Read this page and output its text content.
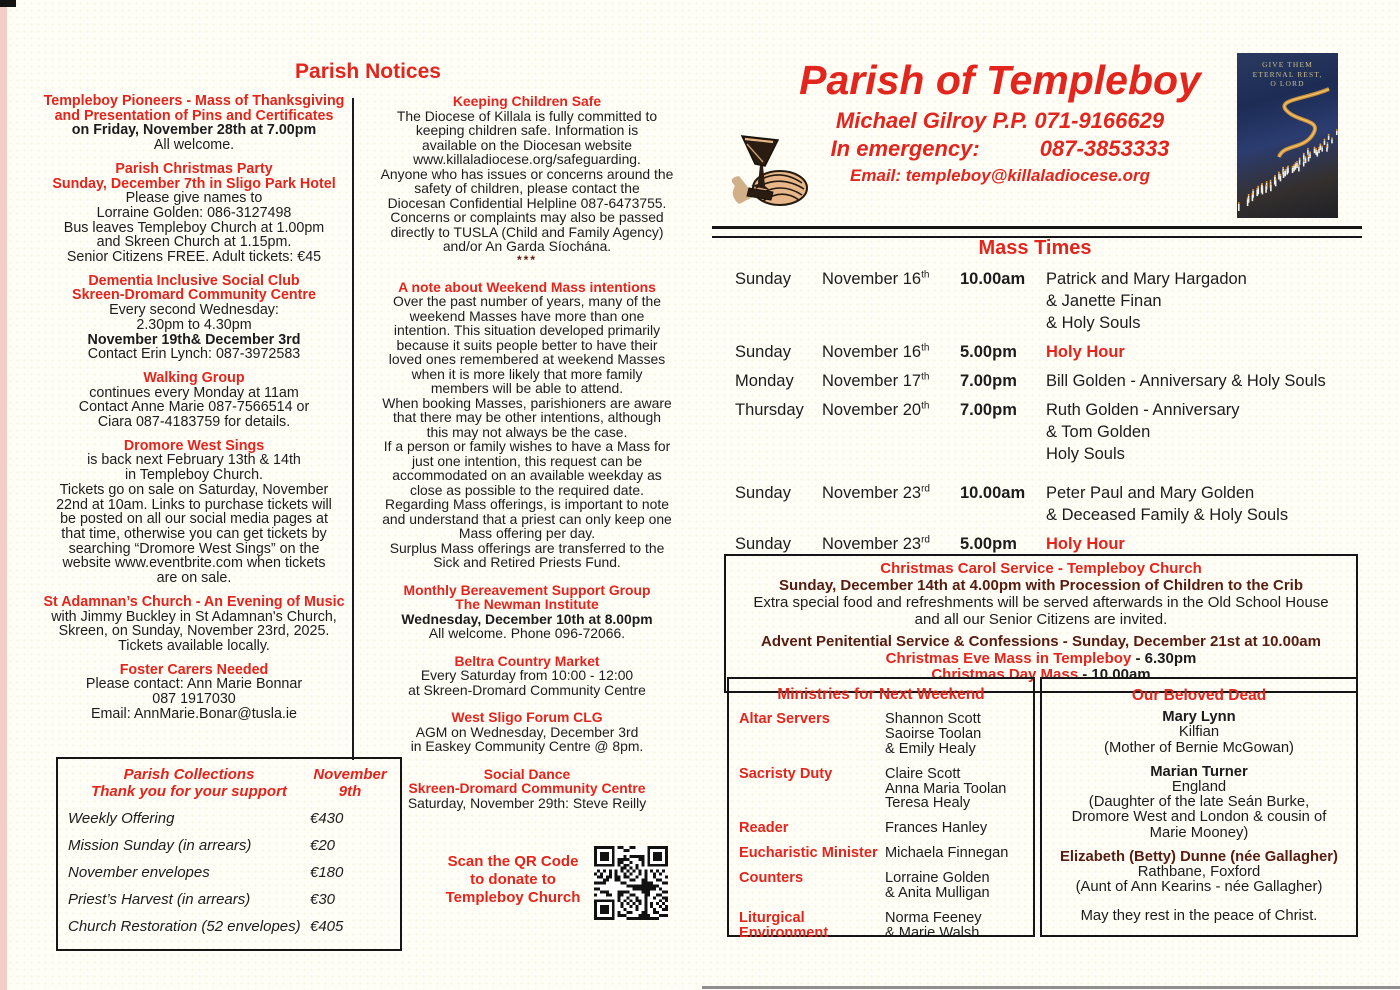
Parish Notices
Templeboy Pioneers - Mass of Thanksgiving
and Presentation of Pins and Certificates
on Friday, November 28th at 7.00pm
All welcome.
Parish Christmas Party
Sunday, December 7th in Sligo Park Hotel
Please give names to
Lorraine Golden: 086-3127498
Bus leaves Templeboy Church at 1.00pm
and Skreen Church at 1.15pm.
Senior Citizens FREE. Adult tickets: €45
Dementia Inclusive Social Club
Skreen-Dromard Community Centre
Every second Wednesday:
2.30pm to 4.30pm
November 19th& December 3rd
Contact Erin Lynch: 087-3972583
Walking Group
continues every Monday at 11am
Contact Anne Marie 087-7566514 or
Ciara 087-4183759 for details.
Dromore West Sings
is back next February 13th & 14th
in Templeboy Church.
Tickets go on sale on Saturday, November
22nd at 10am. Links to purchase tickets will
be posted on all our social media pages at
that time, otherwise you can get tickets by
searching “Dromore West Sings” on the
website www.eventbrite.com when tickets
are on sale.
St Adamnan’s Church - An Evening of Music
with Jimmy Buckley in St Adamnan's Church,
Skreen, on Sunday, November 23rd, 2025.
Tickets available locally.
Foster Carers Needed
Please contact: Ann Marie Bonnar
087 1917030
Email: AnnMarie.Bonar@tusla.ie
Keeping Children Safe
The Diocese of Killala is fully committed to
keeping children safe. Information is
available on the Diocesan website
www.killaladiocese.org/safeguarding.
Anyone who has issues or concerns around the
safety of children, please contact the
Diocesan Confidential Helpline 087-6473755.
Concerns or complaints may also be passed
directly to TUSLA (Child and Family Agency)
and/or An Garda Síochána.
***
A note about Weekend Mass intentions
Over the past number of years, many of the
weekend Masses have more than one
intention. This situation developed primarily
because it suits people better to have their
loved ones remembered at weekend Masses
when it is more likely that more family
members will be able to attend.
When booking Masses, parishioners are aware
that there may be other intentions, although
this may not always be the case.
If a person or family wishes to have a Mass for
just one intention, this request can be
accommodated on an available weekday as
close as possible to the required date.
Regarding Mass offerings, is important to note
and understand that a priest can only keep one
Mass offering per day.
Surplus Mass offerings are transferred to the
Sick and Retired Priests Fund.
Monthly Bereavement Support Group
The Newman Institute
Wednesday, December 10th at 8.00pm
All welcome. Phone 096-72066.
Beltra Country Market
Every Saturday from 10:00 - 12:00
at Skreen-Dromard Community Centre
West Sligo Forum CLG
AGM on Wednesday, December 3rd
in Easkey Community Centre @ 8pm.
Social Dance
Skreen-Dromard Community Centre
Saturday, November 29th: Steve Reilly
Parish Collections
Thank you for your support
November
9th
Weekly Offering	€430
Mission Sunday (in arrears)	€20
November envelopes	€180
Priest’s Harvest (in arrears)	€30
Church Restoration (52 envelopes) €405
Scan the QR Code
to donate to
Templeboy Church
Parish of Templeboy
Michael Gilroy P.P. 071-9166629
In emergency:	087-3853333
Email: templeboy@killaladiocese.org
GIVE THEM
ETERNAL REST,
O LORD
Mass Times
Sunday	November 16th	10.00am	Patrick and Mary Hargadon
& Janette Finan
& Holy Souls
Sunday	November 16th	5.00pm	Holy Hour
Monday	November 17th	7.00pm	Bill Golden - Anniversary & Holy Souls
Thursday	November 20th	7.00pm	Ruth Golden - Anniversary
& Tom Golden
Holy Souls
Sunday	November 23rd	10.00am	Peter Paul and Mary Golden
& Deceased Family & Holy Souls
Sunday	November 23rd	5.00pm	Holy Hour
Christmas Carol Service - Templeboy Church
Sunday, December 14th at 4.00pm with Procession of Children to the Crib
Extra special food and refreshments will be served afterwards in the Old School House
and all our Senior Citizens are invited.
Advent Penitential Service & Confessions - Sunday, December 21st at 10.00am
Christmas Eve Mass in Templeboy - 6.30pm
Christmas Day Mass - 10.00am
Ministries for Next Weekend
Altar Servers	Shannon Scott
Saoirse Toolan
& Emily Healy
Sacristy Duty	Claire Scott
Anna Maria Toolan
Teresa Healy
Reader	Frances Hanley
Eucharistic Minister Michaela Finnegan
Counters	Lorraine Golden
& Anita Mulligan
Liturgical
Environment
Norma Feeney
& Marie Walsh
Our Beloved Dead
Mary Lynn
Kilfian
(Mother of Bernie McGowan)
Marian Turner
England
(Daughter of the late Seán Burke,
Dromore West and London & cousin of
Marie Mooney)
Elizabeth (Betty) Dunne (née Gallagher)
Rathbane, Foxford
(Aunt of Ann Kearins - née Gallagher)
May they rest in the peace of Christ.
